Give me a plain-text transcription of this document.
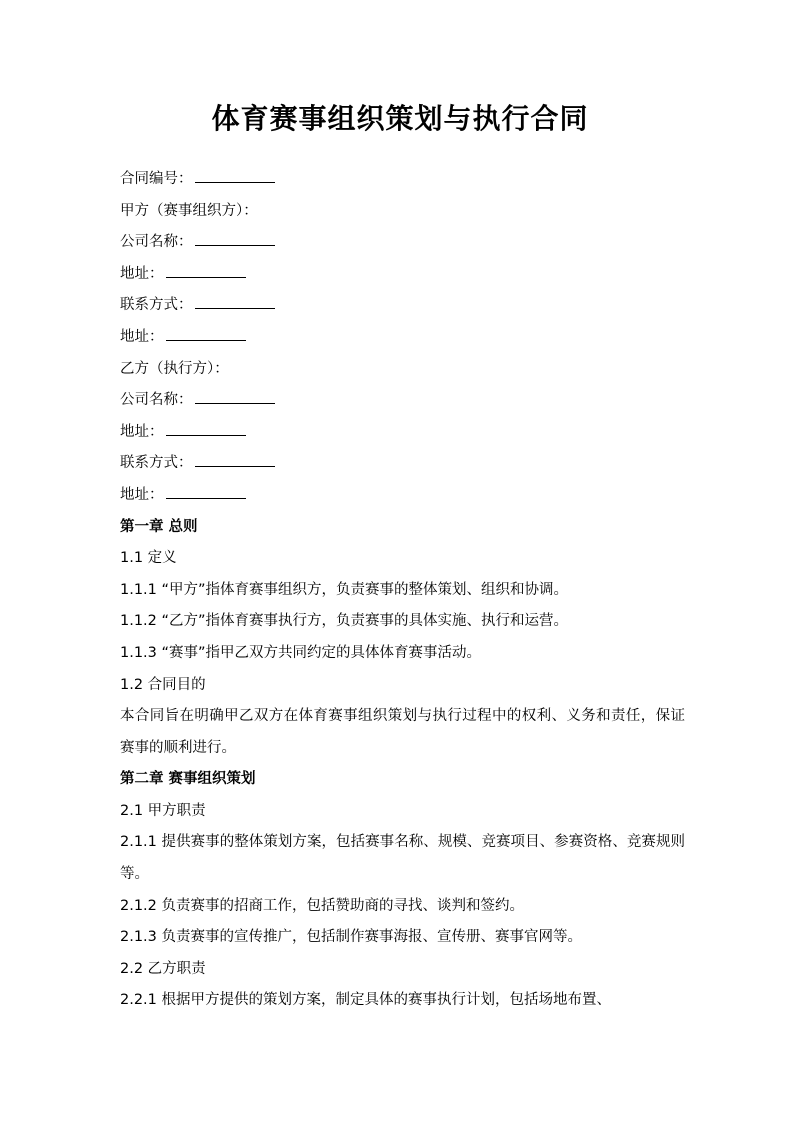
体育赛事组织策划与执行合同
合同编号：
甲方（赛事组织方）：
公司名称：
地址：
联系方式：
地址：
乙方（执行方）：
公司名称：
地址：
联系方式：
地址：
第一章 总则
1.1 定义
1.1.1 “甲方”指体育赛事组织方，负责赛事的整体策划、组织和协调。
1.1.2 “乙方”指体育赛事执行方，负责赛事的具体实施、执行和运营。
1.1.3 “赛事”指甲乙双方共同约定的具体体育赛事活动。
1.2 合同目的
本合同旨在明确甲乙双方在体育赛事组织策划与执行过程中的权利、义务和责任，保证赛事的顺利进行。
第二章 赛事组织策划
2.1 甲方职责
2.1.1 提供赛事的整体策划方案，包括赛事名称、规模、竞赛项目、参赛资格、竞赛规则等。
2.1.2 负责赛事的招商工作，包括赞助商的寻找、谈判和签约。
2.1.3 负责赛事的宣传推广，包括制作赛事海报、宣传册、赛事官网等。
2.2 乙方职责
2.2.1 根据甲方提供的策划方案，制定具体的赛事执行计划，包括场地布置、
